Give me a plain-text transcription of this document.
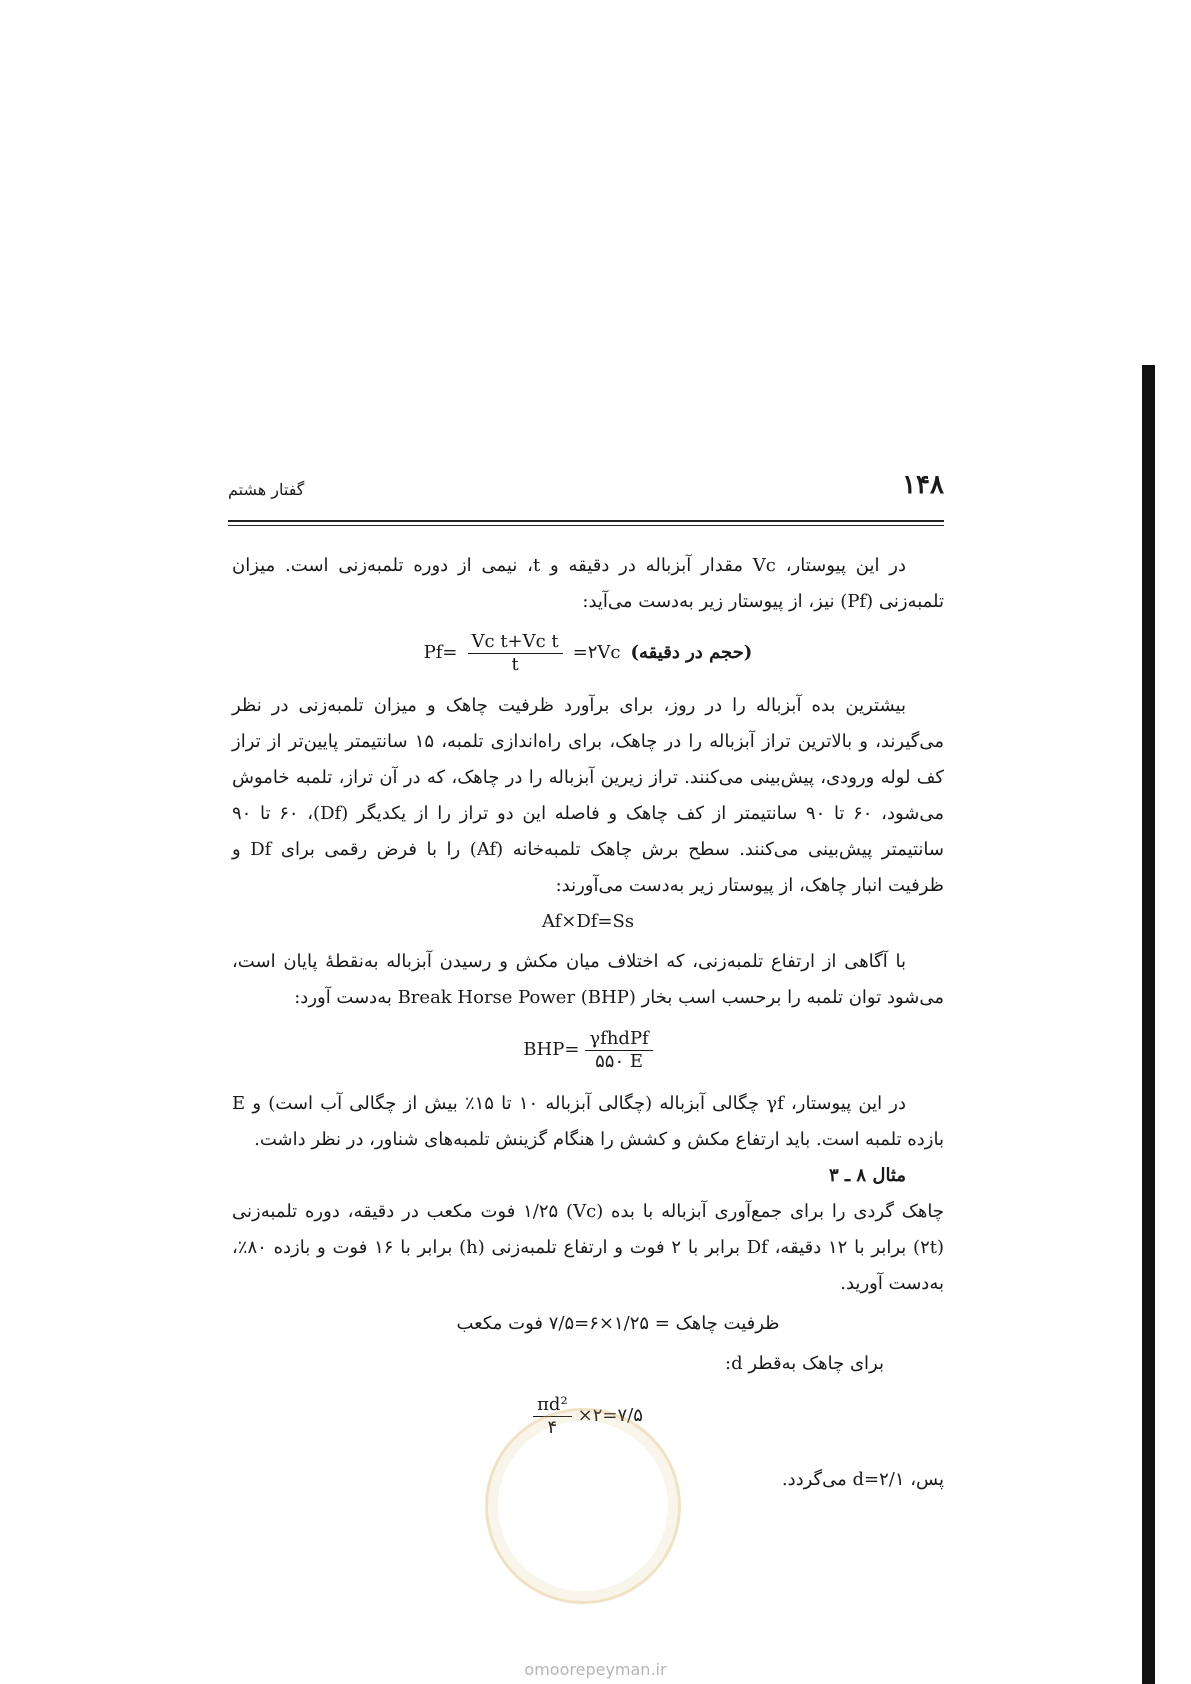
۱۴۸
گفتار هشتم

در این پیوستار، Vc مقدار آبزباله در دقیقه و t، نیمی از دوره تلمبه‌زنی است. میزان تلمبه‌زنی (Pf) نیز، از پیوستار زیر به‌دست می‌آید:

$Pf= \frac{\text{Vc t+Vc t}}{t}$ =۲Vc (حجم در دقیقه)

بیشترین بده آبزباله را در روز، برای برآورد ظرفیت چاهک و میزان تلمبه‌زنی در نظر می‌گیرند، و بالاترین تراز آبزباله را در چاهک، برای راه‌اندازی تلمبه، ۱۵ سانتیمتر پایین‌تر از تراز کف لوله ورودی، پیش‌بینی می‌کنند. تراز زیرین آبزباله را در چاهک، که در آن تراز، تلمبه خاموش می‌شود، ۶۰ تا ۹۰ سانتیمتر از کف چاهک و فاصله این دو تراز را از یکدیگر (Df)، ۶۰ تا ۹۰ سانتیمتر پیش‌بینی می‌کنند. سطح برش چاهک تلمبه‌خانه (Af) را با فرض رقمی برای Df و ظرفیت انبار چاهک، از پیوستار زیر به‌دست می‌آورند:

Af×Df=Ss

با آگاهی از ارتفاع تلمبه‌زنی، که اختلاف میان مکش و رسیدن آبزباله به‌نقطهٔ پایان است، می‌شود توان تلمبه را برحسب اسب بخار Break Horse Power (BHP) به‌دست آورد:

$BHP= \frac{\text{γfhdPf}}{۵۵۰ E}$

در این پیوستار، γf چگالی آبزباله (چگالی آبزباله ۱۰ تا ۱۵٪ بیش از چگالی آب است) و E بازده تلمبه است. باید ارتفاع مکش و کشش را هنگام گزینش تلمبه‌های شناور، در نظر داشت.

مثال ۸ ـ ۳

چاهک گردی را برای جمع‌آوری آبزباله با بده (Vc) ۱/۲۵ فوت مکعب در دقیقه، دوره تلمبه‌زنی (۲t) برابر با ۱۲ دقیقه، Df برابر با ۲ فوت و ارتفاع تلمبه‌زنی (h) برابر با ۱۶ فوت و بازده ۸۰٪، به‌دست آورید.

ظرفیت چاهک = ۱/۲۵×۶=۷/۵ فوت مکعب
برای چاهک به‌قطر d:
$\frac{\text{πd²}}{۴}$ ×۲=۷/۵
پس، d=۲/۱ می‌گردد.
omoorepeyman.ir
